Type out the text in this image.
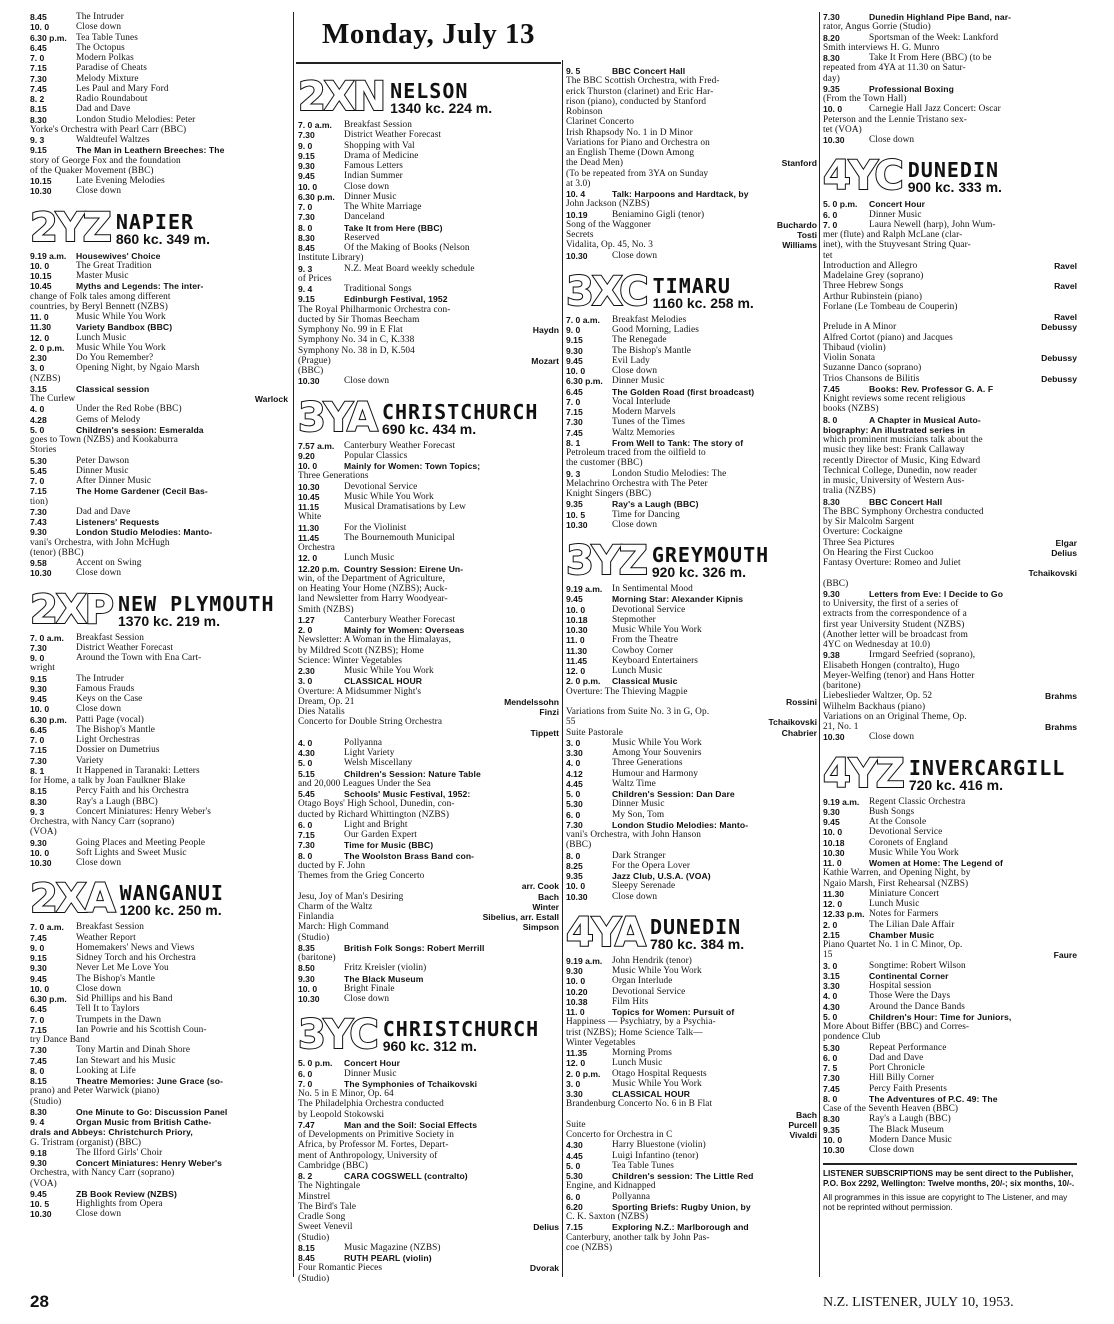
Monday, July 13
8.45	The Intruder
10. 0	Close down
6.30 p.m. Tea Table Tunes
6.45	The Octopus
7. 0	Modern Polkas
7.15	Paradise of Cheats
7.30	Melody Mixture
7.45	Les Paul and Mary Ford
8. 2	Radio Roundabout
8.15	Dad and Dave
8.30	London Studio Melodies: Peter
Yorke's Orchestra with Pearl Carr (BBC)
9. 3	Waldteufel Waltzes
9.15	The Man in Leathern Breeches: The
story of George Fox and the foundation
of the Quaker Movement (BBC)
10.15	Late Evening Melodies
10.30	Close down
2YZ NAPIER
860 kc. 349 m.
9.19 a.m.	Housewives' Choice
10. 0	The Great Tradition
10.15	Master Music
10.45	Myths and Legends: The inter-
change of Folk tales among different
countries, by Beryl Bennett (NZBS)
11. 0	Music While You Work
11.30	Variety Bandbox (BBC)
12. 0	Lunch Music
2. 0 p.m.	Music While You Work
2.30	Do You Remember?
3. 0	Opening Night, by Ngaio Marsh
(NZBS)
3.15	Classical session
The Curlew	Warlock
4. 0	Under the Red Robe (BBC)
4.28	Gems of Melody
5. 0	Children's session: Esmeralda
goes to Town (NZBS) and Kookaburra
Stories
5.30	Peter Dawson
5.45	Dinner Music
7. 0	After Dinner Music
7.15	The Home Gardener (Cecil Bas-
tion)
7.30	Dad and Dave
7.43	Listeners' Requests
9.30	London Studio Melodies: Manto-
vani's Orchestra, with John McHugh
(tenor) (BBC)
9.58	Accent on Swing
10.30	Close down
2XP NEW PLYMOUTH
1370 kc. 219 m.
7. 0 a.m.	Breakfast Session
7.30	District Weather Forecast
9. 0	Around the Town with Ena Cart-
wright
9.15	The Intruder
9.30	Famous Frauds
9.45	Keys on the Case
10. 0	Close down
6.30 p.m. Patti Page (vocal)
6.45	The Bishop's Mantle
7. 0	Light Orchestras
7.15	Dossier on Dumetrius
7.30	Variety
8. 1	It Happened in Taranaki: Letters
for Home, a talk by Joan Faulkner Blake
8.15	Percy Faith and his Orchestra
8.30	Ray's a Laugh (BBC)
9. 3	Concert Miniatures: Henry Weber's
Orchestra, with Nancy Carr (soprano)
(VOA)
9.30	Going Places and Meeting People
10. 0	Soft Lights and Sweet Music
10.30	Close down
2XA WANGANUI
1200 kc. 250 m.
7. 0 a.m.	Breakfast Session
7.45	Weather Report
9. 0	Homemakers' News and Views
9.15	Sidney Torch and his Orchestra
9.30	Never Let Me Love You
9.45	The Bishop's Mantle
10. 0	Close down
6.30 p.m. Sid Phillips and his Band
6.45	Tell It to Taylors
7. 0	Trumpets in the Dawn
7.15	Ian Powrie and his Scottish Coun-
try Dance Band
7.30	Tony Martin and Dinah Shore
7.45	Ian Stewart and his Music
8. 0	Looking at Life
8.15	Theatre Memories: June Grace (so-
prano) and Peter Warwick (piano)
(Studio)
8.30	One Minute to Go: Discussion Panel
9. 4	Organ Music from British Cathe-
drals and Abbeys: Christchurch Priory,
G. Tristram (organist) (BBC)
9.18	The Ilford Girls' Choir
9.30	Concert Miniatures: Henry Weber's
Orchestra, with Nancy Carr (soprano)
(VOA)
9.45	ZB Book Review (NZBS)
10. 5	Highlights from Opera
10.30	Close down
2XN NELSON
1340 kc. 224 m.
7. 0 a.m.	Breakfast Session
7.30	District Weather Forecast
9. 0	Shopping with Val
9.15	Drama of Medicine
9.30	Famous Letters
9.45	Indian Summer
10. 0	Close down
6.30 p.m. Dinner Music
7. 0	The White Marriage
7.30	Danceland
8. 0	Take It from Here (BBC)
8.30	Reserved
8.45	Of the Making of Books (Nelson
Institute Library)
9. 3	N.Z. Meat Board weekly schedule
of Prices
9. 4	Traditional Songs
9.15	Edinburgh Festival, 1952
The Royal Philharmonic Orchestra con-
ducted by Sir Thomas Beecham
Symphony No. 99 in E Flat	Haydn
Symphony No. 34 in C, K.338
Symphony No. 38 in D, K.504
(Prague)	Mozart
(BBC)
10.30	Close down
3YA CHRISTCHURCH
690 kc. 434 m.
7.57 a.m.	Canterbury Weather Forecast
9.20	Popular Classics
10. 0	Mainly for Women: Town Topics;
Three Generations
10.30	Devotional Service
10.45	Music While You Work
11.15	Musical Dramatisations by Lew
White
11.30	For the Violinist
11.45	The Bournemouth Municipal
Orchestra
12. 0	Lunch Music
12.20 p.m. Country Session: Eirene Un-
win, of the Department of Agriculture,
on Heating Your Home (NZBS); Auck-
land Newsletter from Harry Woodyear-
Smith (NZBS)
1.27	Canterbury Weather Forecast
2. 0	Mainly for Women: Overseas
Newsletter: A Woman in the Himalayas,
by Mildred Scott (NZBS); Home
Science: Winter Vegetables
2.30	Music While You Work
3. 0	CLASSICAL HOUR
Overture: A Midsummer Night's
Dream, Op. 21	Mendelssohn
Dies Natalis	Finzi
Concerto for Double String Orchestra
Tippett
4. 0	Pollyanna
4.30	Light Variety
5. 0	Welsh Miscellany
5.15	Children's Session: Nature Table
and 20,000 Leagues Under the Sea
5.45	Schools' Music Festival, 1952:
Otago Boys' High School, Dunedin, con-
ducted by Richard Whittington (NZBS)
6. 0	Light and Bright
7.15	Our Garden Expert
7.30	Time for Music (BBC)
8. 0	The Woolston Brass Band con-
ducted by F. John
Themes from the Grieg Concerto
arr. Cook
Jesu, Joy of Man's Desiring	Bach
Charm of the Waltz	Winter
Finlandia	Sibelius, arr. Estall
March: High Command	Simpson
(Studio)
8.35	British Folk Songs: Robert Merrill
(baritone)
8.50	Fritz Kreisler (violin)
9.30	The Black Museum
10. 0	Bright Finale
10.30	Close down
3YC CHRISTCHURCH
960 kc. 312 m.
5. 0 p.m.	Concert Hour
6. 0	Dinner Music
7. 0	The Symphonies of Tchaikovski
No. 5 in E Minor, Op. 64
The Philadelphia Orchestra conducted
by Leopold Stokowski
7.47	Man and the Soil: Social Effects
of Developments on Primitive Society in
Africa, by Professor M. Fortes, Depart-
ment of Anthropology, University of
Cambridge (BBC)
8. 2	CARA COGSWELL (contralto)
The Nightingale
Minstrel
The Bird's Tale
Cradle Song
Sweet Venevil	Delius
(Studio)
8.15	Music Magazine (NZBS)
8.45	RUTH PEARL (violin)
Four Romantic Pieces	Dvorak
(Studio)
9. 5	BBC Concert Hall
The BBC Scottish Orchestra, with Fred-
erick Thurston (clarinet) and Eric Har-
rison (piano), conducted by Stanford
Robinson
Clarinet Concerto
Irish Rhapsody No. 1 in D Minor
Variations for Piano and Orchestra on
an English Theme (Down Among
the Dead Men)	Stanford
(To be repeated from 3YA on Sunday
at 3.0)
10. 4	Talk: Harpoons and Hardtack, by
John Jackson (NZBS)
10.19	Beniamino Gigli (tenor)
Song of the Waggoner	Buchardo
Secrets	Tosti
Vidalita, Op. 45, No. 3	Williams
10.30	Close down
3XC TIMARU
1160 kc. 258 m.
7. 0 a.m.	Breakfast Melodies
9. 0	Good Morning, Ladies
9.15	The Renegade
9.30	The Bishop's Mantle
9.45	Evil Lady
10. 0	Close down
6.30 p.m. Dinner Music
6.45	The Golden Road (first broadcast)
7. 0	Vocal Interlude
7.15	Modern Marvels
7.30	Tunes of the Times
7.45	Waltz Memories
8. 1	From Well to Tank: The story of
Petroleum traced from the oilfield to
the customer (BBC)
9. 3	London Studio Melodies: The
Melachrino Orchestra with The Peter
Knight Singers (BBC)
9.35	Ray's a Laugh (BBC)
10. 5	Time for Dancing
10.30	Close down
3YZ GREYMOUTH
920 kc. 326 m.
9.19 a.m.	In Sentimental Mood
9.45	Morning Star: Alexander Kipnis
10. 0	Devotional Service
10.18	Stepmother
10.30	Music While You Work
11. 0	From the Theatre
11.30	Cowboy Corner
11.45	Keyboard Entertainers
12. 0	Lunch Music
2. 0 p.m.	Classical Music
Overture: The Thieving Magpie
Rossini
Variations from Suite No. 3 in G, Op.
55	Tchaikovski
Suite Pastorale	Chabrier
3. 0	Music While You Work
3.30	Among Your Souvenirs
4. 0	Three Generations
4.12	Humour and Harmony
4.45	Waltz Time
5. 0	Children's Session: Dan Dare
5.30	Dinner Music
6. 0	My Son, Tom
7.30	London Studio Melodies: Manto-
vani's Orchestra, with John Hanson
(BBC)
8. 0	Dark Stranger
8.25	For the Opera Lover
9.35	Jazz Club, U.S.A. (VOA)
10. 0	Sleepy Serenade
10.30	Close down
4YA DUNEDIN
780 kc. 384 m.
9.19 a.m.	John Hendrik (tenor)
9.30	Music While You Work
10. 0	Organ Interlude
10.20	Devotional Service
10.38	Film Hits
11. 0	Topics for Women: Pursuit of
Happiness — Psychiatry, by a Psychia-
trist (NZBS); Home Science Talk—
Winter Vegetables
11.35	Morning Proms
12. 0	Lunch Music
2. 0 p.m.	Otago Hospital Requests
3. 0	Music While You Work
3.30	CLASSICAL HOUR
Brandenburg Concerto No. 6 in B Flat
Bach
Suite	Purcell
Concerto for Orchestra in C	Vivaldi
4.30	Harry Bluestone (violin)
4.45	Luigi Infantino (tenor)
5. 0	Tea Table Tunes
5.30	Children's session: The Little Red
Engine, and Kidnapped
6. 0	Pollyanna
6.20	Sporting Briefs: Rugby Union, by
C. K. Saxton (NZBS)
7.15	Exploring N.Z.: Marlborough and
Canterbury, another talk by John Pas-
coe (NZBS)
7.30	Dunedin Highland Pipe Band, nar-
rator, Angus Gorrie (Studio)
8.20	Sportsman of the Week: Lankford
Smith interviews H. G. Munro
8.30	Take It From Here (BBC) (to be
repeated from 4YA at 11.30 on Satur-
day)
9.35	Professional Boxing
(From the Town Hall)
10. 0	Carnegie Hall Jazz Concert: Oscar
Peterson and the Lennie Tristano sex-
tet (VOA)
10.30	Close down
4YC DUNEDIN
900 kc. 333 m.
5. 0 p.m.	Concert Hour
6. 0	Dinner Music
7. 0	Laura Newell (harp), John Wum-
mer (flute) and Ralph McLane (clar-
inet), with the Stuyvesant String Quar-
tet
Introduction and Allegro	Ravel
Madelaine Grey (soprano)
Three Hebrew Songs	Ravel
Arthur Rubinstein (piano)
Forlane (Le Tombeau de Couperin)
Ravel
Prelude in A Minor	Debussy
Alfred Cortot (piano) and Jacques
Thibaud (violin)
Violin Sonata	Debussy
Suzanne Danco (soprano)
Trios Chansons de Bilitis	Debussy
7.45	Books: Rev. Professor G. A. F
Knight reviews some recent religious
books (NZBS)
8. 0	A Chapter in Musical Auto-
biography: An illustrated series in
which prominent musicians talk about the
music they like best: Frank Callaway
recently Director of Music, King Edward
Technical College, Dunedin, now reader
in music, University of Western Aus-
tralia (NZBS)
8.30	BBC Concert Hall
The BBC Symphony Orchestra conducted
by Sir Malcolm Sargent
Overture: Cockaigne
Three Sea Pictures	Elgar
On Hearing the First Cuckoo	Delius
Fantasy Overture: Romeo and Juliet
Tchaikovski
(BBC)
9.30	Letters from Eve: I Decide to Go
to University, the first of a series of
extracts from the correspondence of a
first year University Student (NZBS)
(Another letter will be broadcast from
4YC on Wednesday at 10.0)
9.38	Irmgard Seefried (soprano),
Elisabeth Hongen (contralto), Hugo
Meyer-Welfing (tenor) and Hans Hotter
(baritone)
Liebeslieder Waltzer, Op. 52	Brahms
Wilhelm Backhaus (piano)
Variations on an Original Theme, Op.
21, No. 1	Brahms
10.30	Close down
4YZ INVERCARGILL
720 kc. 416 m.
9.19 a.m.	Regent Classic Orchestra
9.30	Bush Songs
9.45	At the Console
10. 0	Devotional Service
10.18	Coronets of England
10.30	Music While You Work
11. 0	Women at Home: The Legend of
Kathie Warren, and Opening Night, by
Ngaio Marsh, First Rehearsal (NZBS)
11.30	Miniature Concert
12. 0	Lunch Music
12.33 p.m. Notes for Farmers
2. 0	The Lilian Dale Affair
2.15	Chamber Music
Piano Quartet No. 1 in C Minor, Op.
15	Faure
3. 0	Songtime: Robert Wilson
3.15	Continental Corner
3.30	Hospital session
4. 0	Those Were the Days
4.30	Around the Dance Bands
5. 0	Children's Hour: Time for Juniors,
More About Biffer (BBC) and Corres-
pondence Club
5.30	Repeat Performance
6. 0	Dad and Dave
7. 5	Port Chronicle
7.30	Hill Billy Corner
7.45	Percy Faith Presents
8. 0	The Adventures of P.C. 49: The
Case of the Seventh Heaven (BBC)
8.30	Ray's a Laugh (BBC)
9.35	The Black Museum
10. 0	Modern Dance Music
10.30	Close down
LISTENER SUBSCRIPTIONS may be sent direct to the Publisher, P.O. Box 2292, Wellington: Twelve months, 20/-; six months, 10/-.
All programmes in this issue are copyright to The Listener, and may not be reprinted without permission.
28	N.Z. LISTENER, JULY 10, 1953.
